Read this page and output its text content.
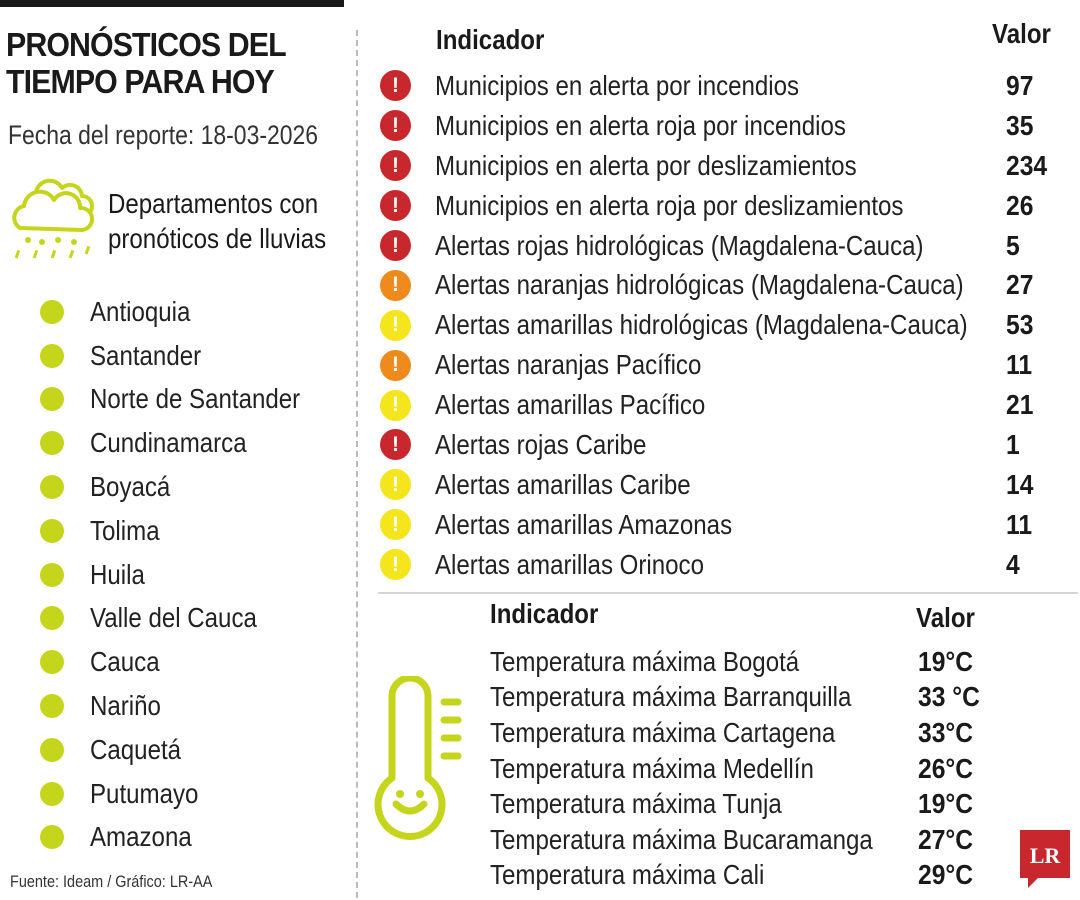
PRONÓSTICOS DEL TIEMPO PARA HOY
Fecha del reporte: 18-03-2026
Departamentos con
pronóticos de lluvias
Antioquia
Santander
Norte de Santander
Cundinamarca
Boyacá
Tolima
Huila
Valle del Cauca
Cauca
Nariño
Caquetá
Putumayo
Amazona
Fuente: Ideam / Gráfico: LR-AA
Indicador	Valor
!	Municipios en alerta por incendios	97
!	Municipios en alerta roja por incendios	35
!	Municipios en alerta por deslizamientos	234
!	Municipios en alerta roja por deslizamientos	26
!	Alertas rojas hidrológicas (Magdalena-Cauca)	5
!	Alertas naranjas hidrológicas (Magdalena-Cauca) 27
!	Alertas amarillas hidrológicas (Magdalena-Cauca) 53
!	Alertas naranjas Pacífico	11
!	Alertas amarillas Pacífico	21
!	Alertas rojas Caribe	1
!	Alertas amarillas Caribe	14
!	Alertas amarillas Amazonas	11
!	Alertas amarillas Orinoco	4
Indicador	Valor
Temperatura máxima Bogotá	19°C
Temperatura máxima Barranquilla 33 °C
Temperatura máxima Cartagena	33°C
Temperatura máxima Medellín	26°C
Temperatura máxima Tunja	19°C
Temperatura máxima Bucaramanga 27°C
Temperatura máxima Cali	29°C
LR
